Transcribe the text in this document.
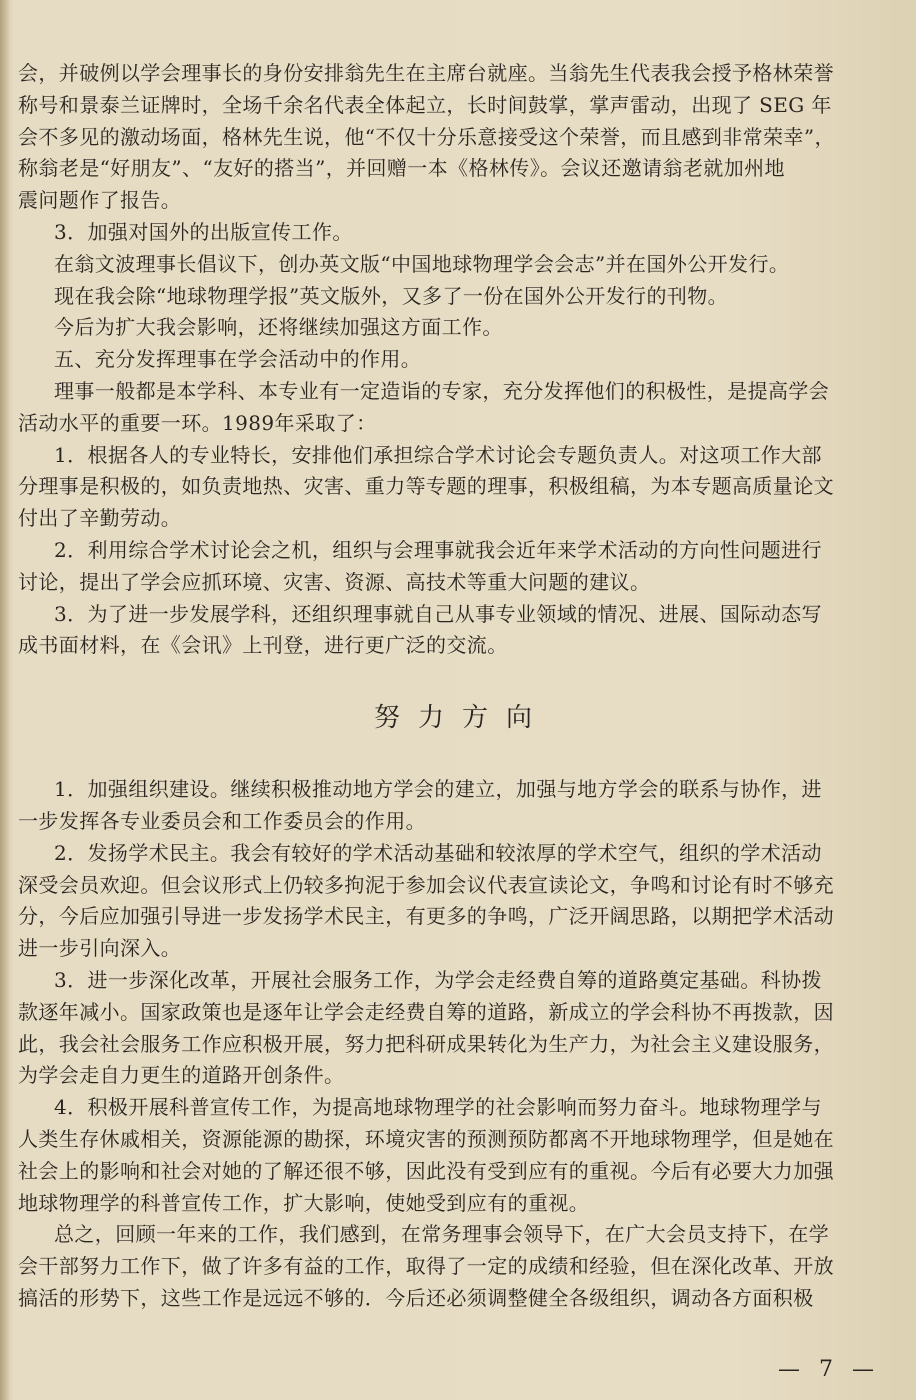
会，并破例以学会理事长的身份安排翁先生在主席台就座。当翁先生代表我会授予格林荣誉
称号和景泰兰证牌时，全场千余名代表全体起立，长时间鼓掌，掌声雷动，出现了 SEG 年
会不多见的激动场面，格林先生说，他“不仅十分乐意接受这个荣誉，而且感到非常荣幸”，
称翁老是“好朋友”、“友好的搭当”，并回赠一本《格林传》。会议还邀请翁老就加州地
震问题作了报告。
3．加强对国外的出版宣传工作。
在翁文波理事长倡议下，创办英文版“中国地球物理学会会志”并在国外公开发行。
现在我会除“地球物理学报”英文版外，又多了一份在国外公开发行的刊物。
今后为扩大我会影响，还将继续加强这方面工作。
五、充分发挥理事在学会活动中的作用。
理事一般都是本学科、本专业有一定造诣的专家，充分发挥他们的积极性，是提高学会
活动水平的重要一环。1989年采取了：
1．根据各人的专业特长，安排他们承担综合学术讨论会专题负责人。对这项工作大部
分理事是积极的，如负责地热、灾害、重力等专题的理事，积极组稿，为本专题高质量论文
付出了辛勤劳动。
2．利用综合学术讨论会之机，组织与会理事就我会近年来学术活动的方向性问题进行
讨论，提出了学会应抓环境、灾害、资源、高技术等重大问题的建议。
3．为了进一步发展学科，还组织理事就自己从事专业领域的情况、进展、国际动态写
成书面材料，在《会讯》上刊登，进行更广泛的交流。
努力方向
1．加强组织建设。继续积极推动地方学会的建立，加强与地方学会的联系与协作，进
一步发挥各专业委员会和工作委员会的作用。
2．发扬学术民主。我会有较好的学术活动基础和较浓厚的学术空气，组织的学术活动
深受会员欢迎。但会议形式上仍较多拘泥于参加会议代表宣读论文，争鸣和讨论有时不够充
分，今后应加强引导进一步发扬学术民主，有更多的争鸣，广泛开阔思路，以期把学术活动
进一步引向深入。
3．进一步深化改革，开展社会服务工作，为学会走经费自筹的道路奠定基础。科协拨
款逐年减小。国家政策也是逐年让学会走经费自筹的道路，新成立的学会科协不再拨款，因
此，我会社会服务工作应积极开展，努力把科研成果转化为生产力，为社会主义建设服务，
为学会走自力更生的道路开创条件。
4．积极开展科普宣传工作，为提高地球物理学的社会影响而努力奋斗。地球物理学与
人类生存休戚相关，资源能源的勘探，环境灾害的预测预防都离不开地球物理学，但是她在
社会上的影响和社会对她的了解还很不够，因此没有受到应有的重视。今后有必要大力加强
地球物理学的科普宣传工作，扩大影响，使她受到应有的重视。
总之，回顾一年来的工作，我们感到，在常务理事会领导下，在广大会员支持下，在学
会干部努力工作下，做了许多有益的工作，取得了一定的成绩和经验，但在深化改革、开放
搞活的形势下，这些工作是远远不够的．今后还必须调整健全各级组织，调动各方面积极
— 7 —
